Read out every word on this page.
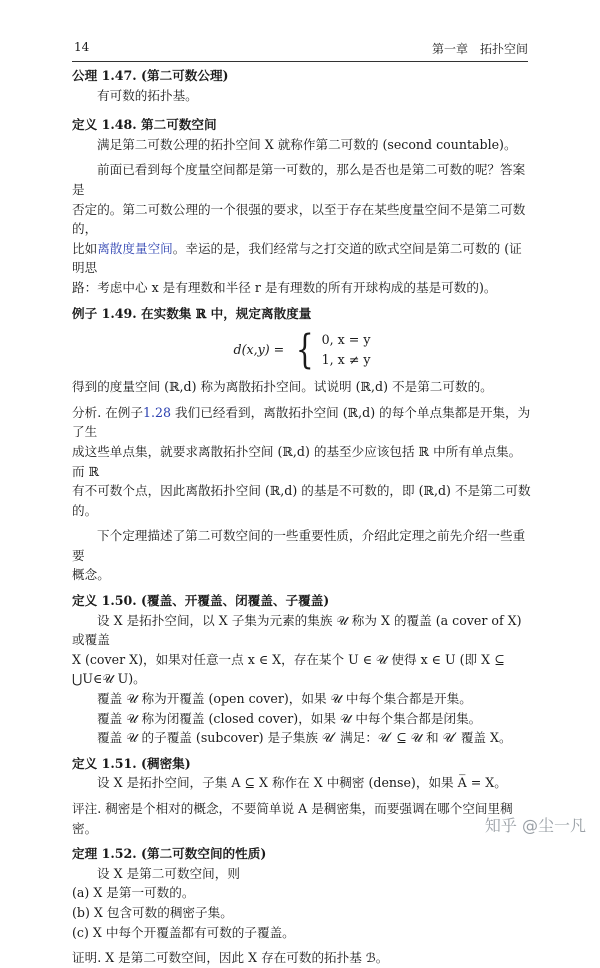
14	第一章　拓扑空间

公理 1.47. (第二可数公理)

有可数的拓扑基。

定义 1.48. 第二可数空间

满足第二可数公理的拓扑空间 X 就称作第二可数的 (second countable)。

前面已看到每个度量空间都是第一可数的，那么是否也是第二可数的呢？答案是

否定的。第二可数公理的一个很强的要求，以至于存在某些度量空间不是第二可数的，

比如离散度量空间。幸运的是，我们经常与之打交道的欧式空间是第二可数的 (证明思

路：考虑中心 x 是有理数和半径 r 是有理数的所有开球构成的基是可数的)。

例子 1.49. 在实数集 ℝ 中，规定离散度量

d(x,y) = { 0, x = y
1, x ≠ y

得到的度量空间 (ℝ,d) 称为离散拓扑空间。试说明 (ℝ,d) 不是第二可数的。

分析. 在例子1.28 我们已经看到，离散拓扑空间 (ℝ,d) 的每个单点集都是开集，为了生

成这些单点集，就要求离散拓扑空间 (ℝ,d) 的基至少应该包括 ℝ 中所有单点集。而 ℝ

有不可数个点，因此离散拓扑空间 (ℝ,d) 的基是不可数的，即 (ℝ,d) 不是第二可数的。

下个定理描述了第二可数空间的一些重要性质，介绍此定理之前先介绍一些重要

概念。

定义 1.50. (覆盖、开覆盖、闭覆盖、子覆盖)

设 X 是拓扑空间，以 X 子集为元素的集族 𝒰 称为 X 的覆盖 (a cover of X) 或覆盖

X (cover X)，如果对任意一点 x ∈ X，存在某个 U ∈ 𝒰 使得 x ∈ U (即 X ⊆ ⋃U∈𝒰 U)。

覆盖 𝒰 称为开覆盖 (open cover)，如果 𝒰 中每个集合都是开集。

覆盖 𝒰 称为闭覆盖 (closed cover)，如果 𝒰 中每个集合都是闭集。

覆盖 𝒰 的子覆盖 (subcover) 是子集族 𝒰′ 满足：𝒰′ ⊆ 𝒰 和 𝒰′ 覆盖 X。

定义 1.51. (稠密集)

设 X 是拓扑空间，子集 A ⊆ X 称作在 X 中稠密 (dense)，如果 A̅ = X。

评注. 稠密是个相对的概念，不要简单说 A 是稠密集，而要强调在哪个空间里稠密。

定理 1.52. (第二可数空间的性质)

设 X 是第二可数空间，则

(a) X 是第一可数的。

(b) X 包含可数的稠密子集。

(c) X 中每个开覆盖都有可数的子覆盖。

证明. X 是第二可数空间，因此 X 存在可数的拓扑基 ℬ。

知乎 @尘一凡
